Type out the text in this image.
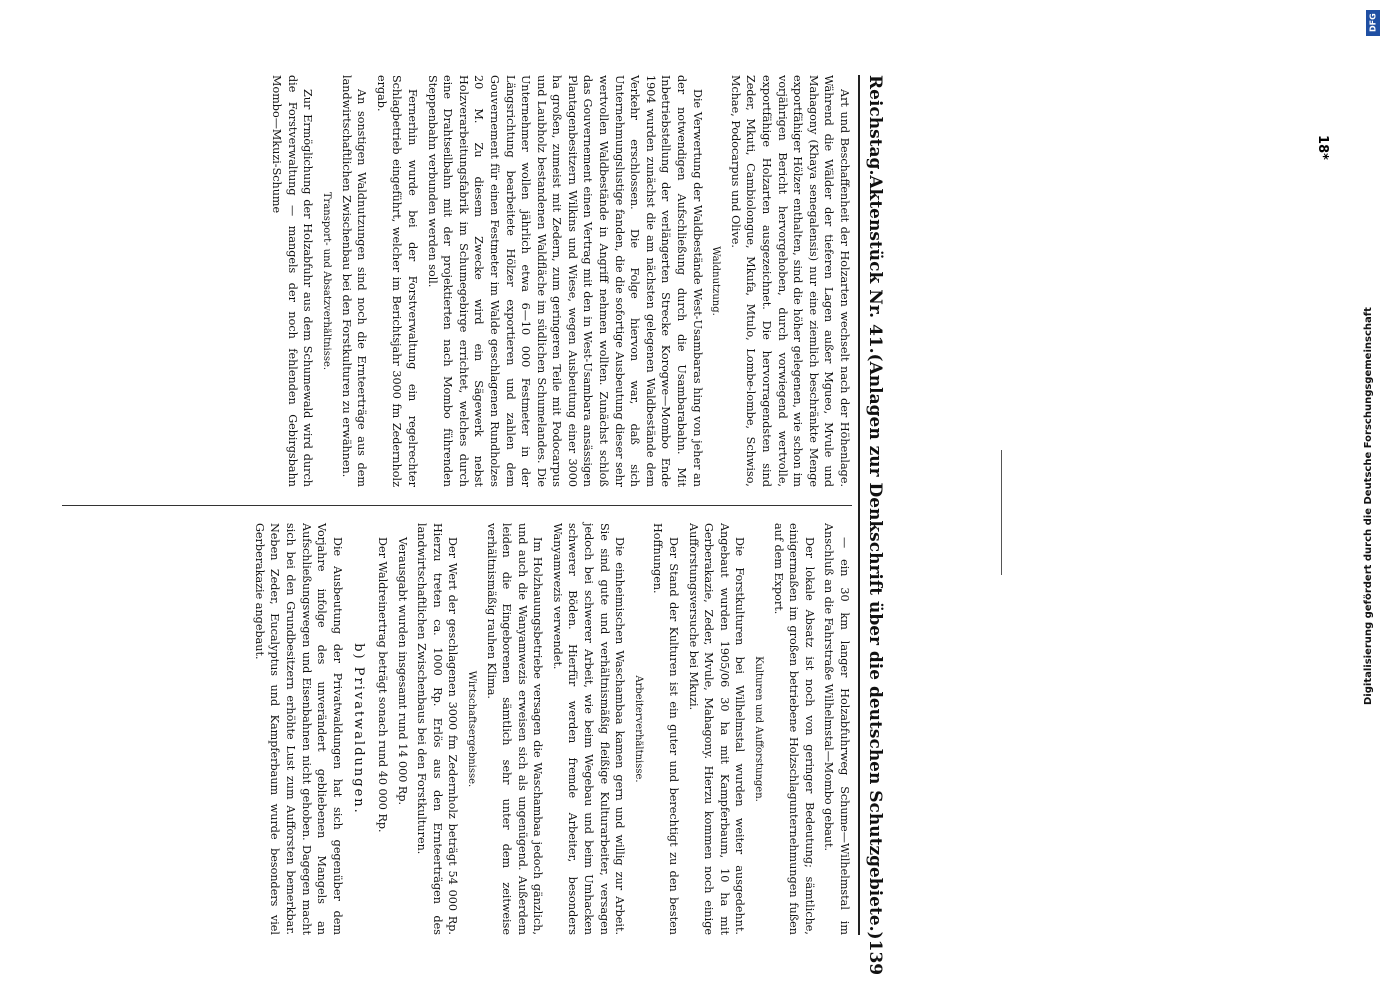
Reichstag.
Aktenstück Nr. 41.
(Anlagen zur Denkschrift über die deutschen Schutzgebiete.)
139

Art und Beschaffenheit der Holzarten wechselt nach der Höhenlage. Während die Wälder der tieferen Lagen außer Mgueo, Mvule und Mahagony (Khaya senegalensis) nur eine ziemlich beschränkte Menge exportfähiger Hölzer enthalten, sind die höher gelegenen, wie schon im vorjährigen Bericht hervorgehoben, durch vorwiegend wertvolle, exportfähige Holzarten ausgezeichnet. Die hervorragendsten sind Zeder, Mkuti, Cambiolongue, Mkufa, Mtulo, Lombe-lombe, Schwiso, Mchae, Podocarpus und Olive.

Waldnutzung.

Die Verwertung der Waldbestände West-Usambaras hing von jeher an der notwendigen Aufschließung durch die Usambarabahn. Mit Inbetriebstellung der verlängerten Strecke Korogwe—Mombo Ende 1904 wurden zunächst die am nächsten gelegenen Waldbestände dem Verkehr erschlossen. Die Folge hiervon war, daß sich Unternehmungslustige fanden, die die sofortige Ausbeutung dieser sehr wertvollen Waldbestände in Angriff nehmen wollten. Zunächst schloß das Gouvernement einen Vertrag mit den in West-Usambara ansässigen Plantagenbesitzern Wilkins und Wiese, wegen Ausbeutung einer 3000 ha großen, zumeist mit Zedern, zum geringeren Teile mit Podocarpus und Laubholz bestandenen Waldfläche im südlichen Schumelandes. Die Unternehmer wollen jährlich etwa 6—10 000 Festmeter in der Längsrichtung bearbeitete Hölzer exportieren und zahlen dem Gouvernement für einen Festmeter im Walde geschlagenen Rundholzes 20 M. Zu diesem Zwecke wird ein Sägewerk nebst Holzverarbeitungsfabrik im Schumegebirge errichtet, welches durch eine Drahtseilbahn mit der projektierten nach Mombo führenden Steppenbahn verbunden werden soll.

Fernerhin wurde bei der Forstverwaltung ein regelrechter Schlagbetrieb eingeführt, welcher im Berichtsjahr 3000 fm Zedernholz ergab.

An sonstigen Waldnutzungen sind noch die Ernteerträge aus dem landwirtschaftlichen Zwischenbau bei den Forstkulturen zu erwähnen.

Transport- und Absatzverhältnisse.

Zur Ermöglichung der Holzabfuhr aus dem Schumewald wird durch die Forstverwaltung — mangels der noch fehlenden Gebirgsbahn Mombo—Mkuzi-Schume

— ein 30 km langer Holzabfuhrweg Schume—Wilhelmstal im Anschluß an die Fahrstraße Wilhelmstal—Mombo gebaut.

Der lokale Absatz ist noch von geringer Bedeutung; sämtliche, einigermaßen im großen betriebene Holzschlagunternehmungen fußen auf dem Export.

Kulturen und Aufforstungen.

Die Forstkulturen bei Wilhelmstal wurden weiter ausgedehnt. Angebaut wurden 1905/06 30 ha mit Kampferbaum, 10 ha mit Gerberakazie, Zeder, Mvule, Mahagony. Hierzu kommen noch einige Aufforstungsversuche bei Mkuzi.

Der Stand der Kulturen ist ein guter und berechtigt zu den besten Hoffnungen.

Arbeiterverhältnisse.

Die einheimischen Waschambaa kamen gern und willig zur Arbeit. Sie sind gute und verhältnismäßig fleißige Kulturarbeiter, versagen jedoch bei schwerer Arbeit, wie beim Wegebau und beim Umhacken schwerer Böden. Hierfür werden fremde Arbeiter, besonders Wanyamwezis verwendet.

Im Holzhauungsbetriebe versagen die Waschambaa jedoch gänzlich, und auch die Wanyamwezis erweisen sich als ungenügend. Außerdem leiden die Eingeborenen sämtlich sehr unter dem zeitweise verhältnismäßig rauhen Klima.

Wirtschaftsergebnisse.

Der Wert der geschlagenen 3000 fm Zedernholz beträgt 54 000 Rp. Hierzu treten ca. 1000 Rp. Erlös aus den Ernteerträgen des landwirtschaftlichen Zwischenbaus bei den Forstkulturen.

Verausgabt wurden insgesamt rund 14 000 Rp.

Der Waldreinertrag beträgt sonach rund 40 000 Rp.

b) Privatwaldungen.

Die Ausbeutung der Privatwaldungen hat sich gegenüber dem Vorjahre infolge des unverändert gebliebenen Mangels an Aufschließungswegen und Eisenbahnen nicht gehoben. Dagegen macht sich bei den Grundbesitzern erhöhte Lust zum Aufforsten bemerkbar. Neben Zeder, Eucalyptus und Kampferbaum wurde besonders viel Gerberakazie angebaut.

18*
DFG
Digitalisierung gefördert durch die Deutsche Forschungsgemeinschaft
